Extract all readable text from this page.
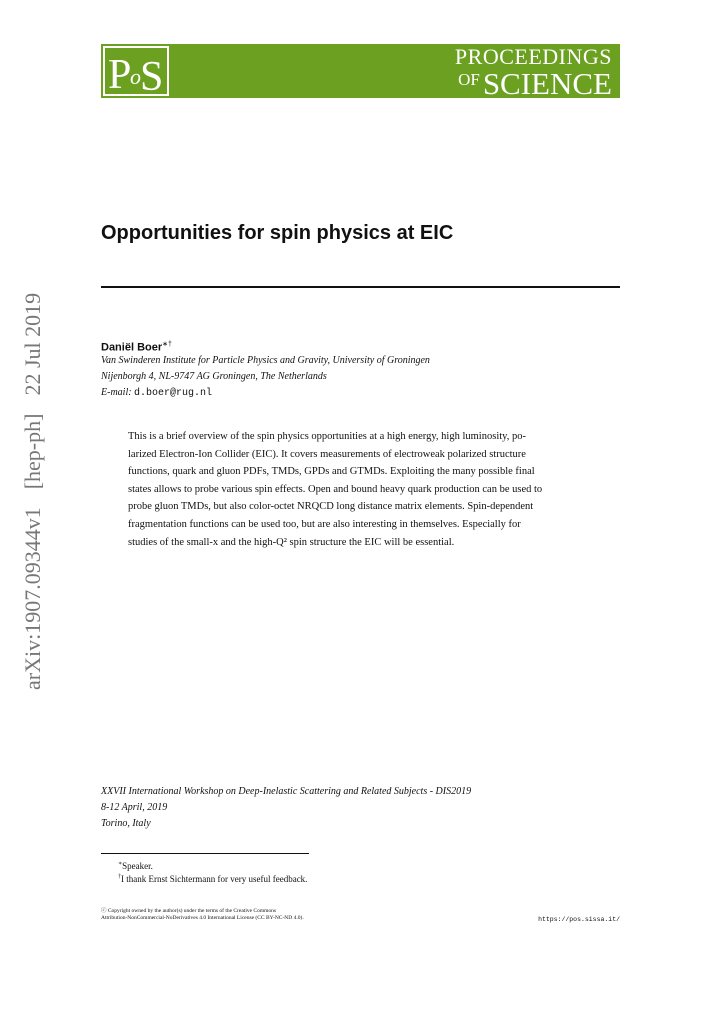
P
o S	PROCEEDINGS
$^{OF}$SCIENCE
arXiv:1907.09344v1[hep-ph]22 Jul 2019
Opportunities for spin physics at EIC
Daniël Boer∗†
Van Swinderen Institute for Particle Physics and Gravity, University of Groningen
Nijenborgh 4, NL-9747 AG Groningen, The Netherlands
E-mail: d.boer@rug.nl
This is a brief overview of the spin physics opportunities at a high energy, high luminosity, po-
larized Electron-Ion Collider (EIC). It covers measurements of electroweak polarized structure
functions, quark and gluon PDFs, TMDs, GPDs and GTMDs. Exploiting the many possible final
states allows to probe various spin effects. Open and bound heavy quark production can be used to
probe gluon TMDs, but also color-octet NRQCD long distance matrix elements. Spin-dependent
fragmentation functions can be used too, but are also interesting in themselves. Especially for
studies of the small-x and the high-Q² spin structure the EIC will be essential.
XXVII International Workshop on Deep-Inelastic Scattering and Related Subjects - DIS2019
8-12 April, 2019
Torino, Italy
∗Speaker.
†I thank Ernst Sichtermann for very useful feedback.
ⓒ Copyright owned by the author(s) under the terms of the Creative Commons
Attribution-NonCommercial-NoDerivatives 4.0 International License (CC BY-NC-ND 4.0).	https://pos.sissa.it/
